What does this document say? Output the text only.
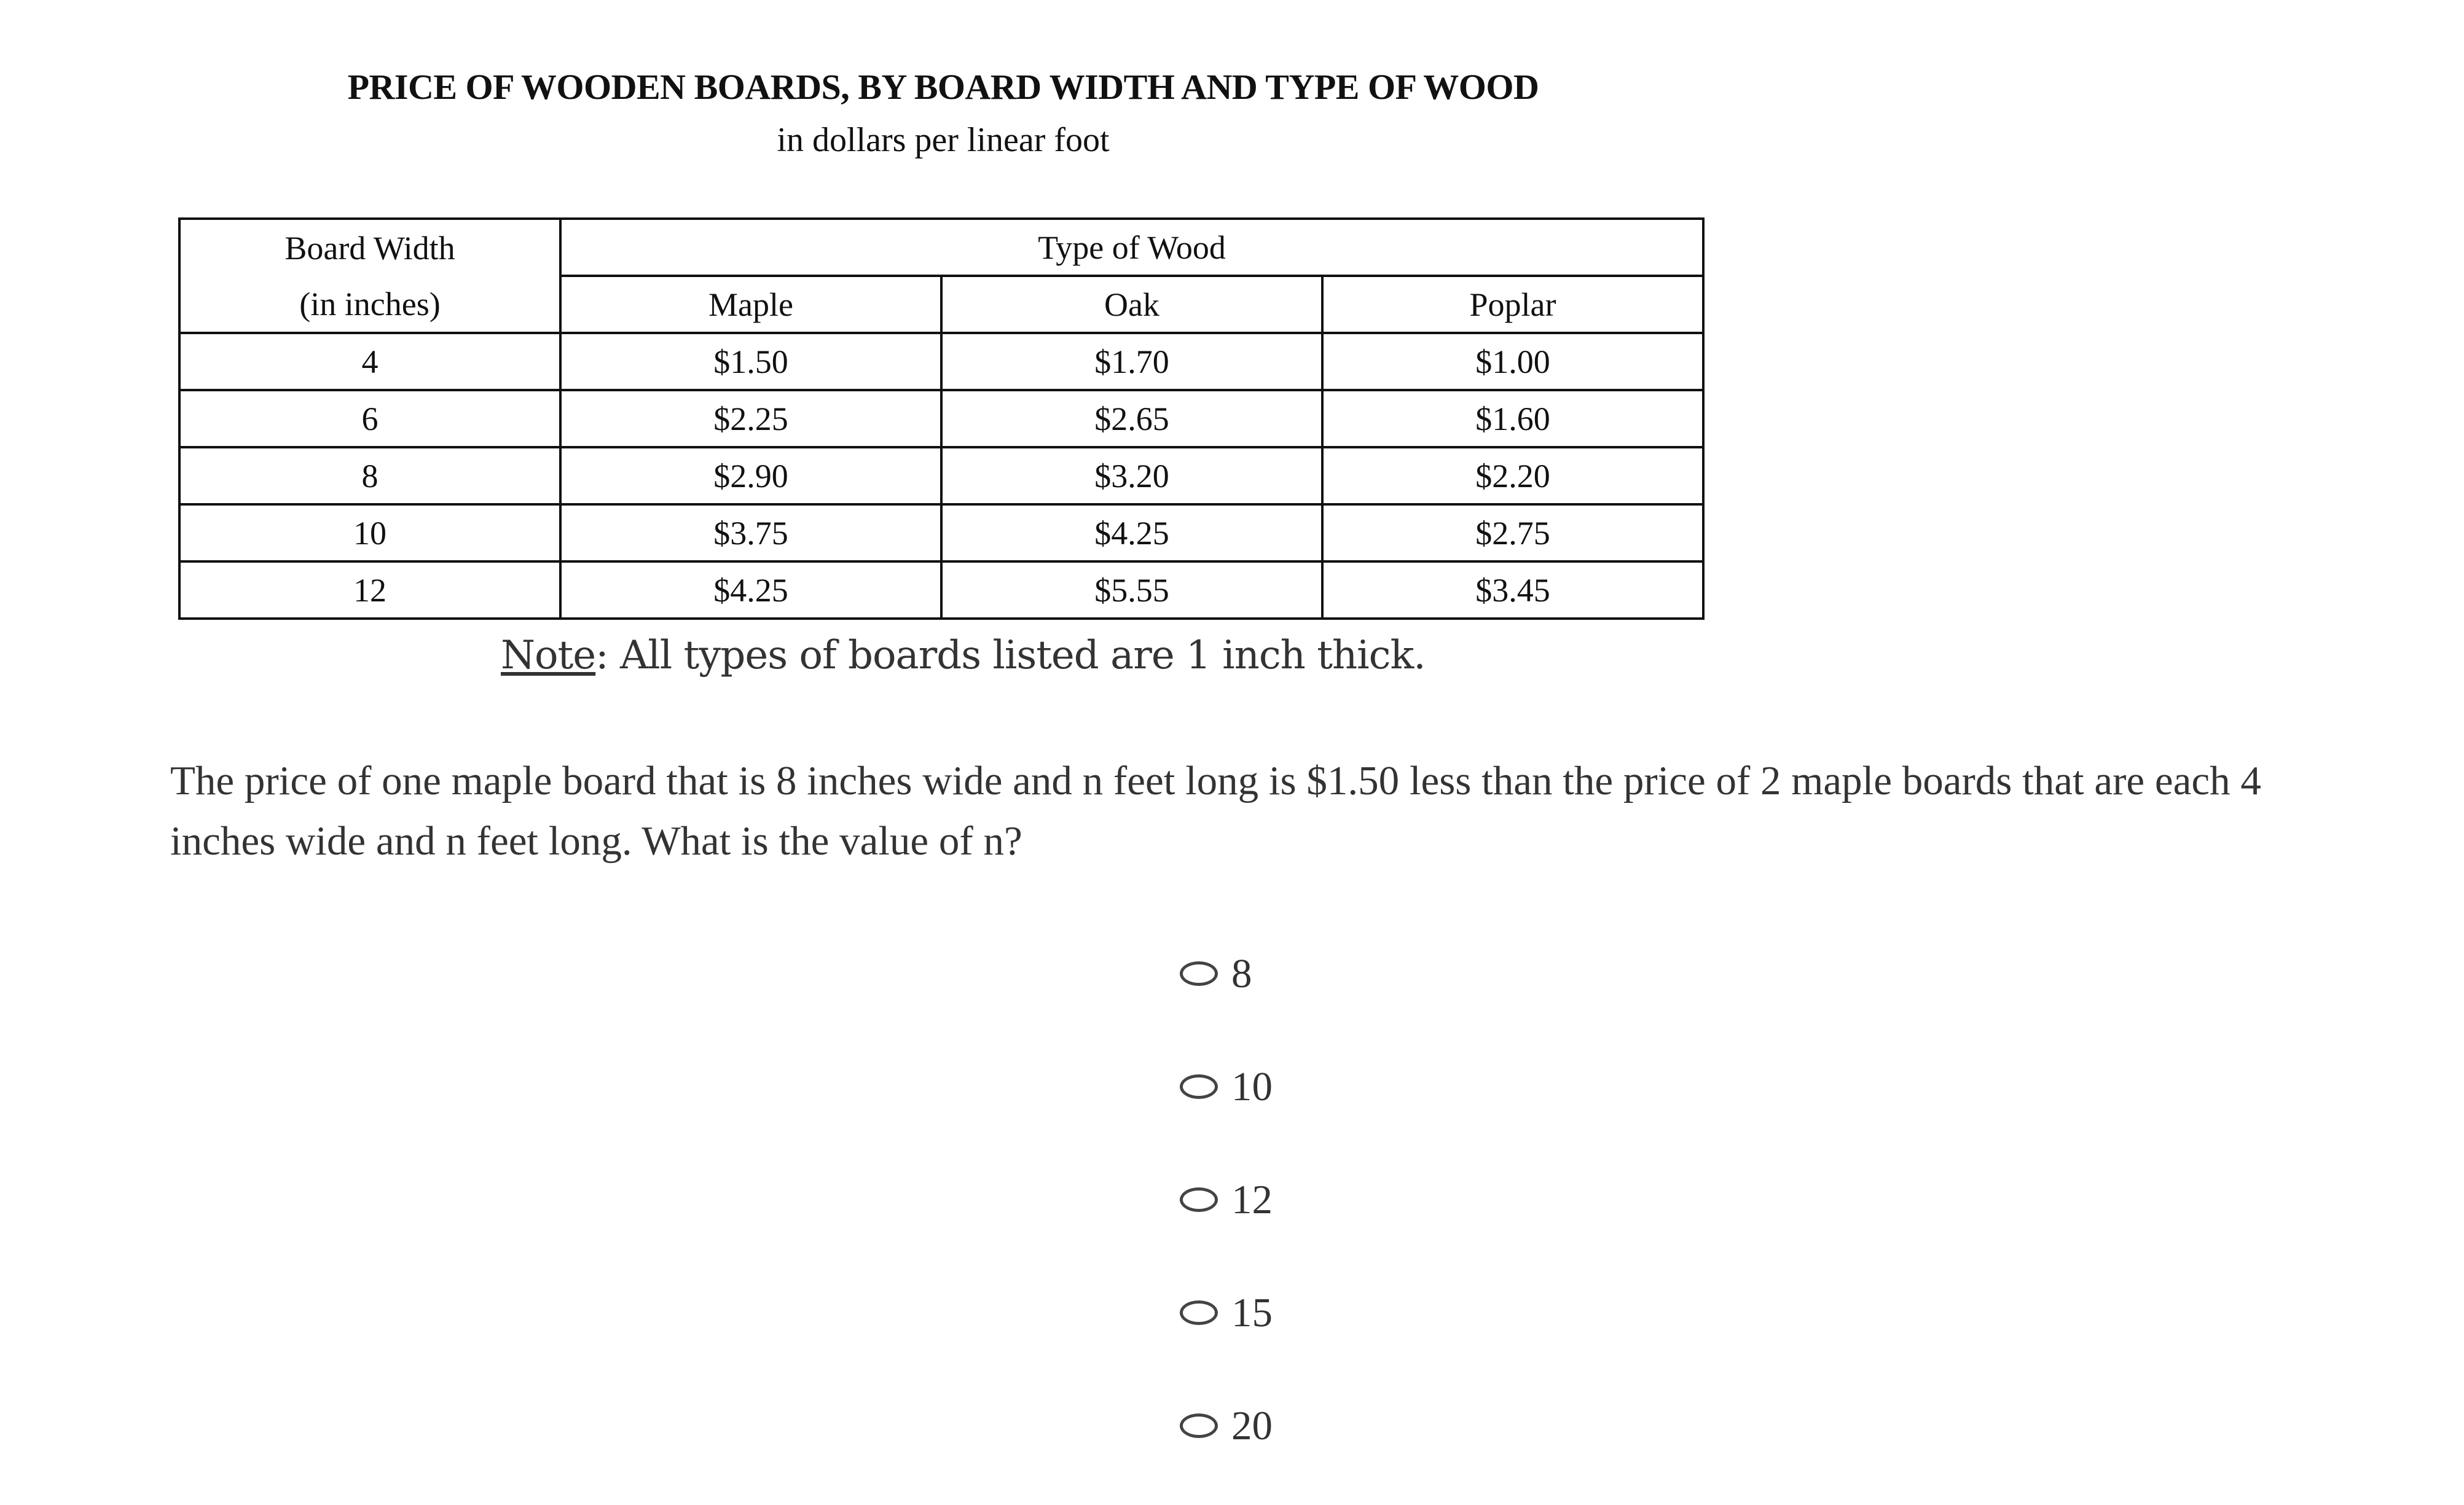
PRICE OF WOODEN BOARDS, BY BOARD WIDTH AND TYPE OF WOOD
in dollars per linear foot
Board Width	Type of Wood		
(in inches)	Maple	Oak	Poplar
4	$1.50	$1.70	$1.00
6	$2.25	$2.65	$1.60
8	$2.90	$3.20	$2.20
10	$3.75	$4.25	$2.75
12	$4.25	$5.55	$3.45
Note: All types of boards listed are 1 inch thick.
The price of one maple board that is 8 inches wide and n feet long is $1.50 less than the price of 2 maple boards that are each 4 inches wide and n feet long. What is the value of n?
8
10
12
15
20
